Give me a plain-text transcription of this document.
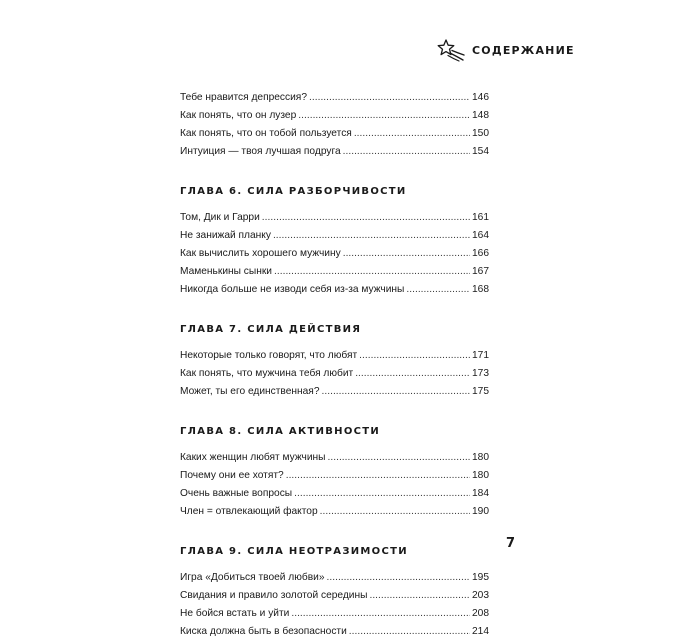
СОДЕРЖАНИЕ
Тебе нравится депрессия? . . .	146
Как понять, что он лузер . . .	148
Как понять, что он тобой пользуется . . .	150
Интуиция — твоя лучшая подруга . . .	154
ГЛАВА 6. СИЛА РАЗБОРЧИВОСТИ
Том, Дик и Гарри . . .	161
Не занижай планку . . .	164
Как вычислить хорошего мужчину . . .	166
Маменькины сынки . . .	167
Никогда больше не изводи себя из-за мужчины . . .	168
ГЛАВА 7. СИЛА ДЕЙСТВИЯ
Некоторые только говорят, что любят . . .	171
Как понять, что мужчина тебя любит . . .	173
Может, ты его единственная? . . .	175
ГЛАВА 8. СИЛА АКТИВНОСТИ
Каких женщин любят мужчины . . .	180
Почему они ее хотят? . . .	180
Очень важные вопросы . . .	184
Член = отвлекающий фактор . . .	190
ГЛАВА 9. СИЛА НЕОТРАЗИМОСТИ
Игра «Добиться твоей любви» . . .	195
Свидания и правило золотой середины . . .	203
Не бойся встать и уйти . . .	208
Киска должна быть в безопасности . . .	214
7
